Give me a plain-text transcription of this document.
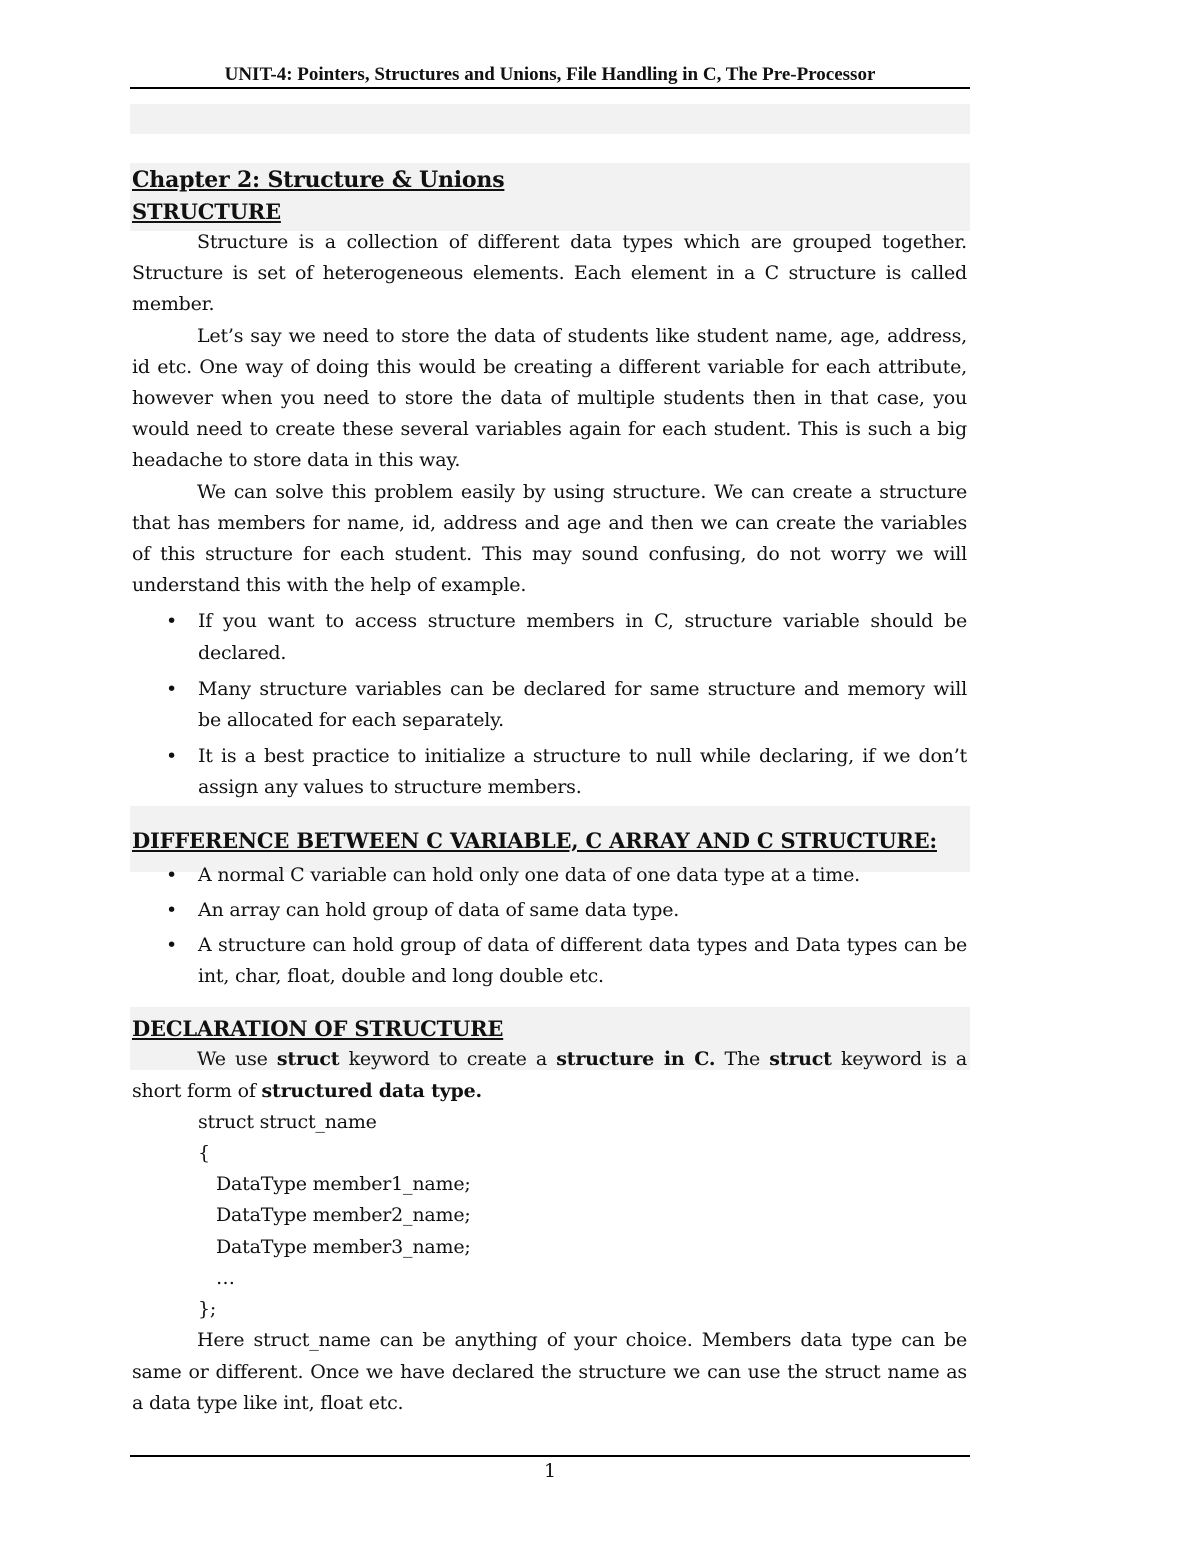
UNIT-4: Pointers, Structures and Unions, File Handling in C, The Pre-Processor
Chapter 2: Structure & Unions
STRUCTURE

Structure is a collection of different data types which are grouped together. Structure is set of heterogeneous elements. Each element in a C structure is called member.

Let’s say we need to store the data of students like student name, age, address, id etc. One way of doing this would be creating a different variable for each attribute, however when you need to store the data of multiple students then in that case, you would need to create these several variables again for each student. This is such a big headache to store data in this way.

We can solve this problem easily by using structure. We can create a structure that has members for name, id, address and age and then we can create the variables of this structure for each student. This may sound confusing, do not worry we will understand this with the help of example.

• If you want to access structure members in C, structure variable should be declared.
• Many structure variables can be declared for same structure and memory will be allocated for each separately.
• It is a best practice to initialize a structure to null while declaring, if we don’t assign any values to structure members.
DIFFERENCE BETWEEN C VARIABLE, C ARRAY AND C STRUCTURE:
• A normal C variable can hold only one data of one data type at a time.
• An array can hold group of data of same data type.
• A structure can hold group of data of different data types and Data types can be int, char, float, double and long double etc.
DECLARATION OF STRUCTURE

We use struct keyword to create a structure in C. The struct keyword is a short form of structured data type.

struct struct_name
{
DataType member1_name;
DataType member2_name;
DataType member3_name;
…
};

Here struct_name can be anything of your choice. Members data type can be same or different. Once we have declared the structure we can use the struct name as a data type like int, float etc.

1
